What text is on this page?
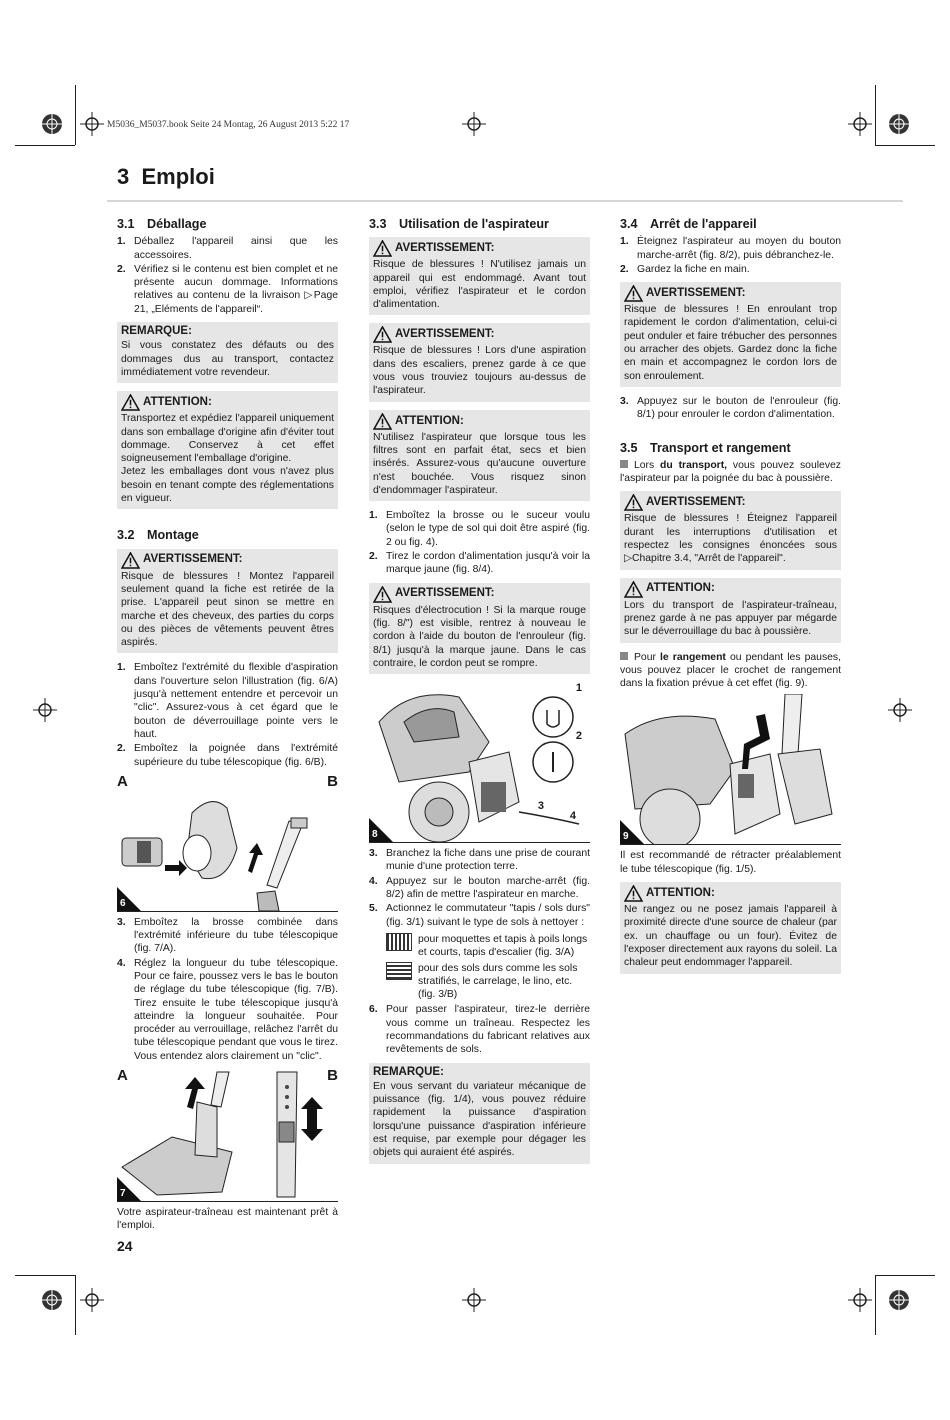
M5036_M5037.book Seite 24 Montag, 26 August 2013 5:22 17
3 Emploi
3.1 Déballage
1. Déballez l'appareil ainsi que les accessoires.
2. Vérifiez si le contenu est bien complet et ne présente aucun dommage. Informations relatives au contenu de la livraison ▷Page 21, „Eléments de l'appareil“.
REMARQUE:

Si vous constatez des défauts ou des dommages dus au transport, contactez immédiatement votre revendeur.

ATTENTION:

Transportez et expédiez l'appareil uniquement dans son emballage d'origine afin d'éviter tout dommage. Conservez à cet effet soigneusement l'emballage d'origine.

Jetez les emballages dont vous n'avez plus besoin en tenant compte des réglementations en vigueur.

3.2 Montage
AVERTISSEMENT:

Risque de blessures ! Montez l'appareil seulement quand la fiche est retirée de la prise. L'appareil peut sinon se mettre en marche et des cheveux, des parties du corps ou des pièces de vêtements peuvent êtres aspirés.

1. Emboîtez l'extrémité du flexible d'aspiration dans l'ouverture selon l'illustration (fig. 6/A) jusqu'à nettement entendre et percevoir un "clic". Assurez-vous à cet égard que le bouton de déverrouillage pointe vers le haut.
2. Emboîtez la poignée dans l'extrémité supérieure du tube télescopique (fig. 6/B).
A	B
6
3. Emboîtez la brosse combinée dans l'extrémité inférieure du tube télescopique (fig. 7/A).
4. Réglez la longueur du tube télescopique. Pour ce faire, poussez vers le bas le bouton de réglage du tube télescopique (fig. 7/B). Tirez ensuite le tube télescopique jusqu'à atteindre la longueur souhaitée. Pour procéder au verrouillage, relâchez l'arrêt du tube télescopique pendant que vous le tirez. Vous entendez alors clairement un "clic".
A	B
7

Votre aspirateur-traîneau est maintenant prêt à l'emploi.

3.3 Utilisation de l'aspirateur
AVERTISSEMENT:

Risque de blessures ! N'utilisez jamais un appareil qui est endommagé. Avant tout emploi, vérifiez l'aspirateur et le cordon d'alimentation.

AVERTISSEMENT:

Risque de blessures ! Lors d'une aspiration dans des escaliers, prenez garde à ce que vous vous trouviez toujours au-dessus de l'aspirateur.

ATTENTION:

N'utilisez l'aspirateur que lorsque tous les filtres sont en parfait état, secs et bien insérés. Assurez-vous qu'aucune ouverture n'est bouchée. Vous risquez sinon d'endommager l'aspirateur.

1. Emboîtez la brosse ou le suceur voulu (selon le type de sol qui doit être aspiré (fig. 2 ou fig. 4).
2. Tirez le cordon d'alimentation jusqu'à voir la marque jaune (fig. 8/4).
AVERTISSEMENT:

Risques d'électrocution ! Si la marque rouge (fig. 8/") est visible, rentrez à nouveau le cordon à l'aide du bouton de l'enrouleur (fig. 8/1) jusqu'à la marque jaune. Dans le cas contraire, le cordon peut se rompre.

1
2
3
4
8
3. Branchez la fiche dans une prise de courant munie d'une protection terre.
4. Appuyez sur le bouton marche-arrêt (fig. 8/2) afin de mettre l'aspirateur en marche.
5. Actionnez le commutateur "tapis / sols durs" (fig. 3/1) suivant le type de sols à nettoyer :
pour moquettes et tapis à poils longs et courts, tapis d'escalier (fig. 3/A)
pour des sols durs comme les sols stratifiés, le carrelage, le lino, etc. (fig. 3/B)
6. Pour passer l'aspirateur, tirez-le derrière vous comme un traîneau. Respectez les recommandations du fabricant relatives aux revêtements de sols.
REMARQUE:

En vous servant du variateur mécanique de puissance (fig. 1/4), vous pouvez réduire rapidement la puissance d'aspiration lorsqu'une puissance d'aspiration inférieure est requise, par exemple pour dégager les objets qui auraient été aspirés.

3.4 Arrêt de l'appareil
1. Éteignez l'aspirateur au moyen du bouton marche-arrêt (fig. 8/2), puis débranchez-le.
2. Gardez la fiche en main.
AVERTISSEMENT:

Risque de blessures ! En enroulant trop rapidement le cordon d'alimentation, celui-ci peut onduler et faire trébucher des personnes ou arracher des objets. Gardez donc la fiche en main et accompagnez le cordon lors de son enroulement.

3. Appuyez sur le bouton de l'enrouleur (fig. 8/1) pour enrouler le cordon d'alimentation.
3.5 Transport et rangement

Lors du transport, vous pouvez soulevez l'aspirateur par la poignée du bac à poussière.

AVERTISSEMENT:

Risque de blessures ! Éteignez l'appareil durant les interruptions d'utilisation et respectez les consignes énoncées sous ▷Chapitre 3.4, "Arrêt de l'appareil".

ATTENTION:

Lors du transport de l'aspirateur-traîneau, prenez garde à ne pas appuyer par mégarde sur le déverrouillage du bac à poussière.

Pour le rangement ou pendant les pauses, vous pouvez placer le crochet de rangement dans la fixation prévue à cet effet (fig. 9).

9

Il est recommandé de rétracter préalablement le tube télescopique (fig. 1/5).

ATTENTION:

Ne rangez ou ne posez jamais l'appareil à proximité directe d'une source de chaleur (par ex. un chauffage ou un four). Évitez de l'exposer directement aux rayons du soleil. La chaleur peut endommager l'appareil.

24
